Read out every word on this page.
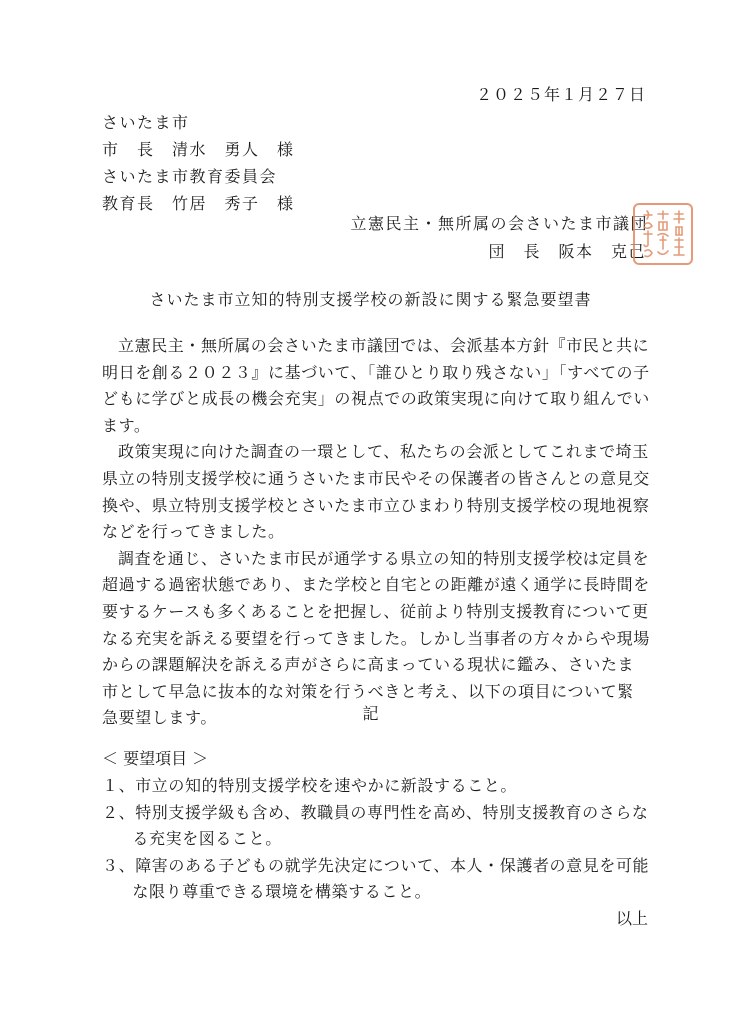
２０２５年１月２７日
さいたま市
市　長　清水　勇人　様
さいたま市教育委員会
教育長　竹居　秀子　様
立憲民主・無所属の会さいたま市議団
団　長　阪本　克己
さいたま市立知的特別支援学校の新設に関する緊急要望書

立憲民主・無所属の会さいたま市議団では、会派基本方針『市民と共に明日を創る２０２３』に基づいて、「誰ひとり取り残さない」「すべての子どもに学びと成長の機会充実」の視点での政策実現に向けて取り組んでいます。

政策実現に向けた調査の一環として、私たちの会派としてこれまで埼玉県立の特別支援学校に通うさいたま市民やその保護者の皆さんとの意見交換や、県立特別支援学校とさいたま市立ひまわり特別支援学校の現地視察などを行ってきました。

調査を通じ、さいたま市民が通学する県立の知的特別支援学校は定員を超過する過密状態であり、また学校と自宅との距離が遠く通学に長時間を要するケースも多くあることを把握し、従前より特別支援教育について更なる充実を訴える要望を行ってきました。しかし当事者の方々からや現場からの課題解決を訴える声がさらに高まっている現状に鑑み、さいたま市として早急に抜本的な対策を行うべきと考え、以下の項目について緊急要望します。	記
＜ 要望項目 ＞
１、市立の知的特別支援学校を速やかに新設すること。
２、特別支援学級も含め、教職員の専門性を高め、特別支援教育のさらなる充実を図ること。
３、障害のある子どもの就学先決定について、本人・保護者の意見を可能な限り尊重できる環境を構築すること。
以上
